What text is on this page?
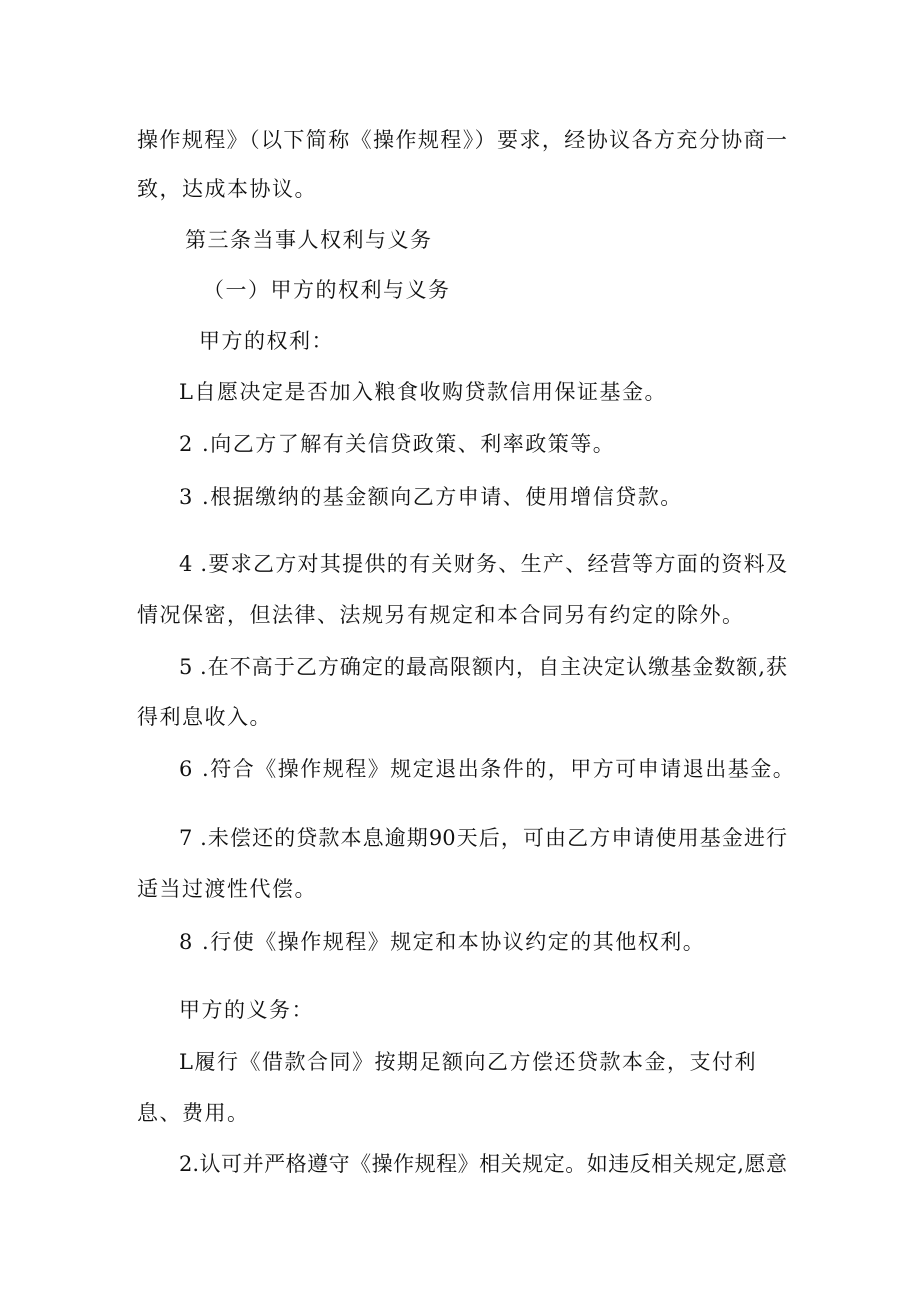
操作规程》（以下简称《操作规程》）要求，经协议各方充分协商一
致，达成本协议。
第三条当事人权利与义务
（一）甲方的权利与义务
甲方的权利：
L自愿决定是否加入粮食收购贷款信用保证基金。
2 .向乙方了解有关信贷政策、利率政策等。
3 .根据缴纳的基金额向乙方申请、使用增信贷款。
4 .要求乙方对其提供的有关财务、生产、经营等方面的资料及
情况保密，但法律、法规另有规定和本合同另有约定的除外。
5 .在不高于乙方确定的最高限额内，自主决定认缴基金数额,获
得利息收入。
6 .符合《操作规程》规定退出条件的，甲方可申请退出基金。
7 .未偿还的贷款本息逾期90天后，可由乙方申请使用基金进行
适当过渡性代偿。
8 .行使《操作规程》规定和本协议约定的其他权利。
甲方的义务：
L履行《借款合同》按期足额向乙方偿还贷款本金，支付利
息、费用。
2.认可并严格遵守《操作规程》相关规定。如违反相关规定,愿意
